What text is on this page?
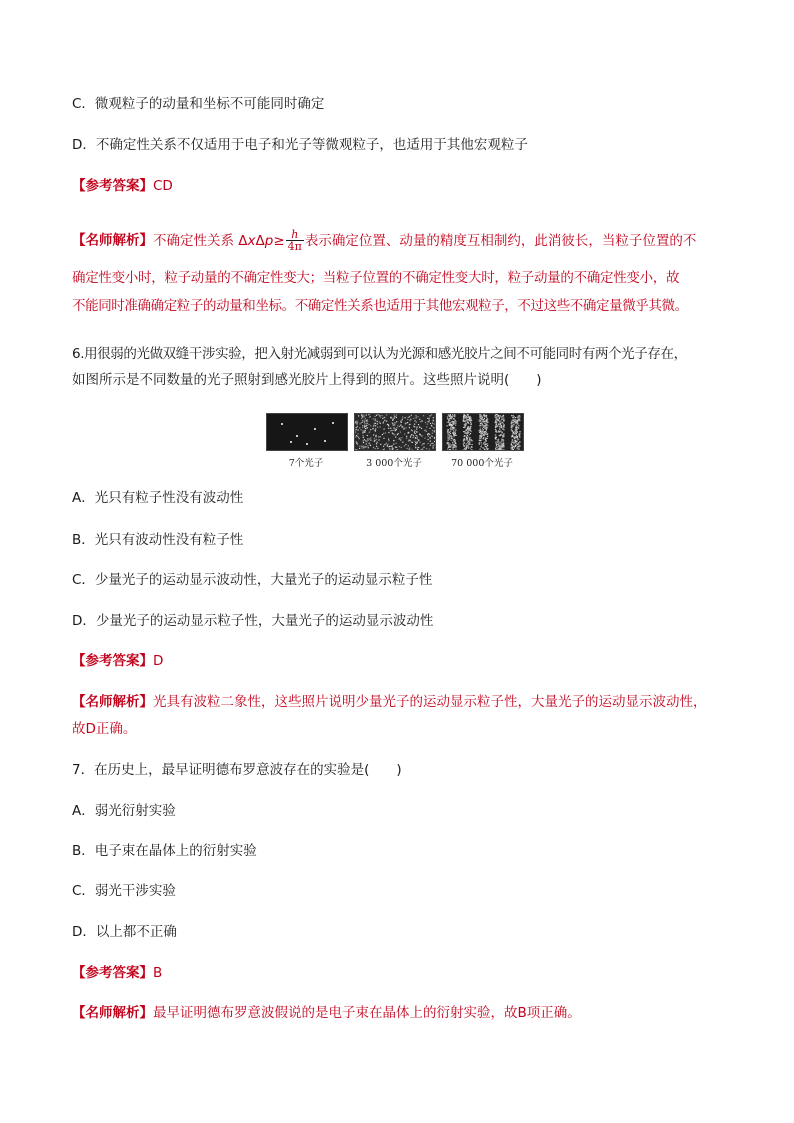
C．微观粒子的动量和坐标不可能同时确定
D．不确定性关系不仅适用于电子和光子等微观粒子，也适用于其他宏观粒子
【参考答案】CD
【名师解析】不确定性关系 $\Delta x\Delta p\ge \frac{h}{4\pi}$ 表示确定位置、动量的精度互相制约，此消彼长，当粒子位置的不
确定性变小时，粒子动量的不确定性变大；当粒子位置的不确定性变大时，粒子动量的不确定性变小，故
不能同时准确确定粒子的动量和坐标。不确定性关系也适用于其他宏观粒子，不过这些不确定量微乎其微。
6.用很弱的光做双缝干涉实验，把入射光减弱到可以认为光源和感光胶片之间不可能同时有两个光子存在，
如图所示是不同数量的光子照射到感光胶片上得到的照片。这些照片说明(　　)
7个光子	3 000个光子	70 000个光子
A．光只有粒子性没有波动性
B．光只有波动性没有粒子性
C．少量光子的运动显示波动性，大量光子的运动显示粒子性
D．少量光子的运动显示粒子性，大量光子的运动显示波动性
【参考答案】D
【名师解析】光具有波粒二象性，这些照片说明少量光子的运动显示粒子性，大量光子的运动显示波动性，
故D正确。
7．在历史上，最早证明德布罗意波存在的实验是(　　)
A．弱光衍射实验
B．电子束在晶体上的衍射实验
C．弱光干涉实验
D．以上都不正确
【参考答案】B
【名师解析】最早证明德布罗意波假说的是电子束在晶体上的衍射实验，故B项正确。
